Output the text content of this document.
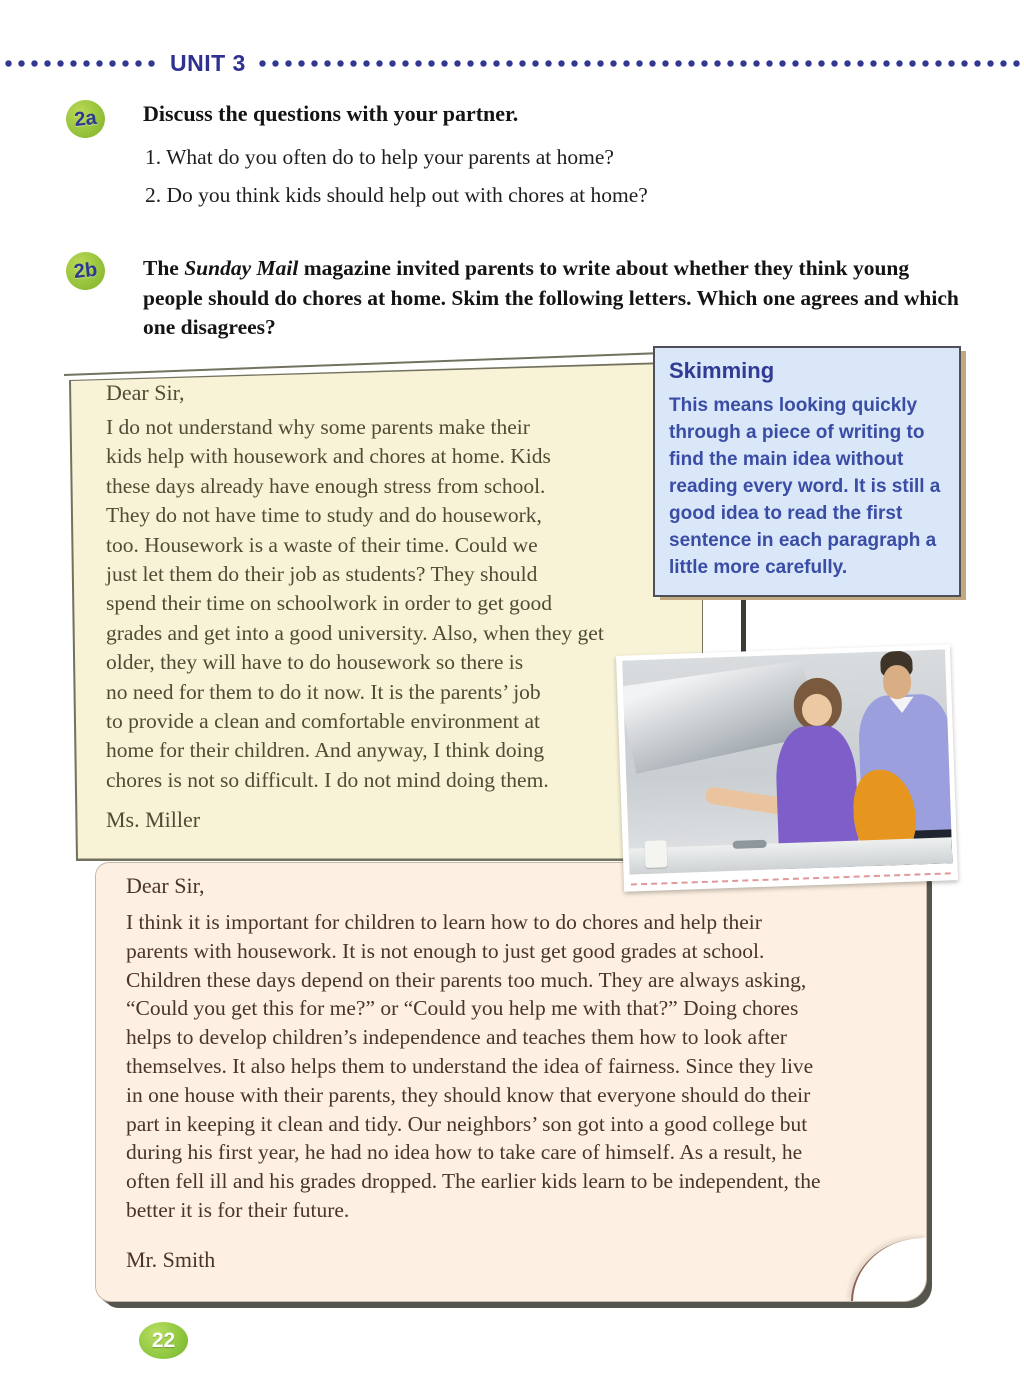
UNIT 3
2a	Discuss the questions with your partner.
1. What do you often do to help your parents at home?
2. Do you think kids should help out with chores at home?
2b	The Sunday Mail magazine invited parents to write about whether they think young people should do chores at home. Skim the following letters. Which one agrees and which one disagrees?
Dear Sir,
I do not understand why some parents make their
kids help with housework and chores at home. Kids
these days already have enough stress from school.
They do not have time to study and do housework,
too. Housework is a waste of their time. Could we
just let them do their job as students? They should
spend their time on schoolwork in order to get good
grades and get into a good university. Also, when they get
older, they will have to do housework so there is
no need for them to do it now. It is the parents’ job
to provide a clean and comfortable environment at
home for their children. And anyway, I think doing
chores is not so difficult. I do not mind doing them.
Ms. Miller
Skimming
This means looking quickly through a piece of writing to find the main idea without reading every word. It is still a good idea to read the first sentence in each paragraph a little more carefully.
Dear Sir,
I think it is important for children to learn how to do chores and help their
parents with housework. It is not enough to just get good grades at school.
Children these days depend on their parents too much. They are always asking,
“Could you get this for me?” or “Could you help me with that?” Doing chores
helps to develop children’s independence and teaches them how to look after
themselves. It also helps them to understand the idea of fairness. Since they live
in one house with their parents, they should know that everyone should do their
part in keeping it clean and tidy. Our neighbors’ son got into a good college but
during his first year, he had no idea how to take care of himself. As a result, he
often fell ill and his grades dropped. The earlier kids learn to be independent, the
better it is for their future.
Mr. Smith
22
